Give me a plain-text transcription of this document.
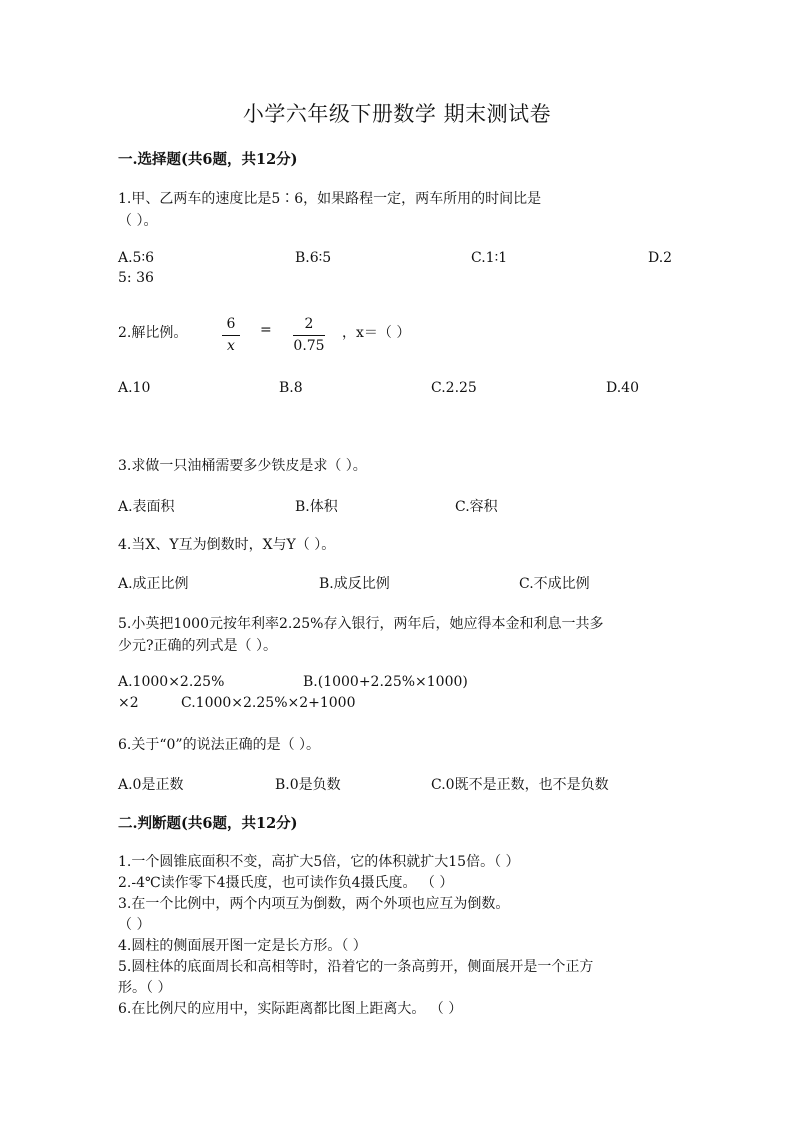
小学六年级下册数学 期末测试卷
一.选择题(共6题，共12分)
1.甲、乙两车的速度比是5∶6，如果路程一定，两车所用的时间比是
（ ）。
A.5∶6	B.6∶5	C.1∶1	D.2
5: 36
2.解比例。
6
x
=	2
0.75
，x＝（ ）
A.10	B.8	C.2.25	D.40
3.求做一只油桶需要多少铁皮是求（ ）。
A.表面积	B.体积	C.容积
4.当X、Y互为倒数时，X与Y（ ）。
A.成正比例	B.成反比例	C.不成比例
5.小英把1000元按年利率2.25%存入银行，两年后，她应得本金和利息一共多
少元?正确的列式是（ ）。
A.1000×2.25%	B.(1000+2.25%×1000)
×2	C.1000×2.25%×2+1000
6.关于“0”的说法正确的是（ ）。
A.0是正数	B.0是负数	C.0既不是正数，也不是负数
二.判断题(共6题，共12分)
1.一个圆锥底面积不变，高扩大5倍，它的体积就扩大15倍。（ ）
2.-4℃读作零下4摄氏度，也可读作负4摄氏度。 （ ）
3.在一个比例中，两个内项互为倒数，两个外项也应互为倒数。
（ ）
4.圆柱的侧面展开图一定是长方形。（ ）
5.圆柱体的底面周长和高相等时，沿着它的一条高剪开，侧面展开是一个正方
形。（ ）
6.在比例尺的应用中，实际距离都比图上距离大。 （ ）
